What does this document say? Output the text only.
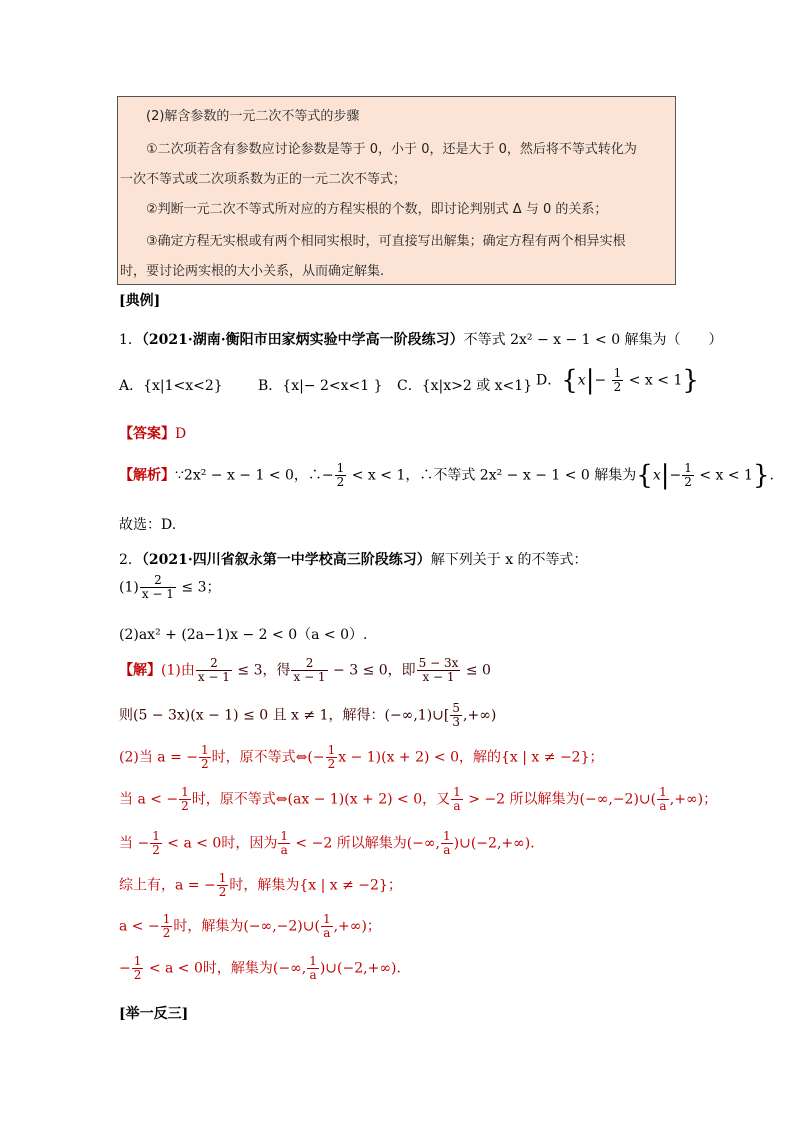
(2)解含参数的一元二次不等式的步骤
①二次项若含有参数应讨论参数是等于 0，小于 0，还是大于 0，然后将不等式转化为
一次不等式或二次项系数为正的一元二次不等式；
②判断一元二次不等式所对应的方程实根的个数，即讨论判别式 Δ 与 0 的关系；
③确定方程无实根或有两个相同实根时，可直接写出解集；确定方程有两个相异实根
时，要讨论两实根的大小关系，从而确定解集.
[典例]
1．（2021·湖南·衡阳市田家炳实验中学高一阶段练习）不等式 2x² − x − 1 < 0 解集为（　　）
A．{x|1<x<2}	B．{x|− 2<x<1 } C．{x|x>2 或 x<1} D．$\{x|- \frac{1}{2} < x < 1\}$
【答案】D
【解析】∵2x² − x − 1 < 0，∴− $\frac{1}{2} < x < 1$，∴不等式 2x² − x − 1 < 0 解集为$\{x|- \frac{1}{2} < x < 1\}$.
故选：D.
2．（2021·四川省叙永第一中学校高三阶段练习）解下列关于 x 的不等式：
$(1) \frac{2}{x - 1} \le 3$；
(2)ax² + (2a−1)x − 2 < 0（a < 0）.
【解】(1)由 $\frac{2}{x - 1} \le 3$，得 $\frac{2}{x - 1} - 3 \le 0$，即 $\frac{5 - 3x}{x - 1} \le 0$
则(5 − 3x)(x − 1) ≤ 0 且 x ≠ 1，解得：(−∞,1)∪[ $\frac{5}{3}$ ,+∞)
(2)当 a = − $\frac{1}{2}$ 时，原不等式⇔(− $\frac{1}{2}$ x − 1)(x + 2) < 0，解的{x | x ≠ −2}；
当 a < − $\frac{1}{2}$ 时，原不等式⇔(ax − 1)(x + 2) < 0，又 $\frac{1}{a} > -2$ 所以解集为(−∞,−2)∪( $\frac{1}{a}$ ,+∞)；
当 − $\frac{1}{2} < a < 0$时，因为 $\frac{1}{a} < -2$ 所以解集为(−∞, $\frac{1}{a}$ )∪(−2,+∞).
综上有，a = − $\frac{1}{2}$ 时，解集为{x | x ≠ −2}；
a < − $\frac{1}{2}$ 时，解集为(−∞,−2)∪( $\frac{1}{a}$ ,+∞)；
− $\frac{1}{2} < a < 0$时，解集为(−∞, $\frac{1}{a}$ )∪(−2,+∞).
[举一反三]
